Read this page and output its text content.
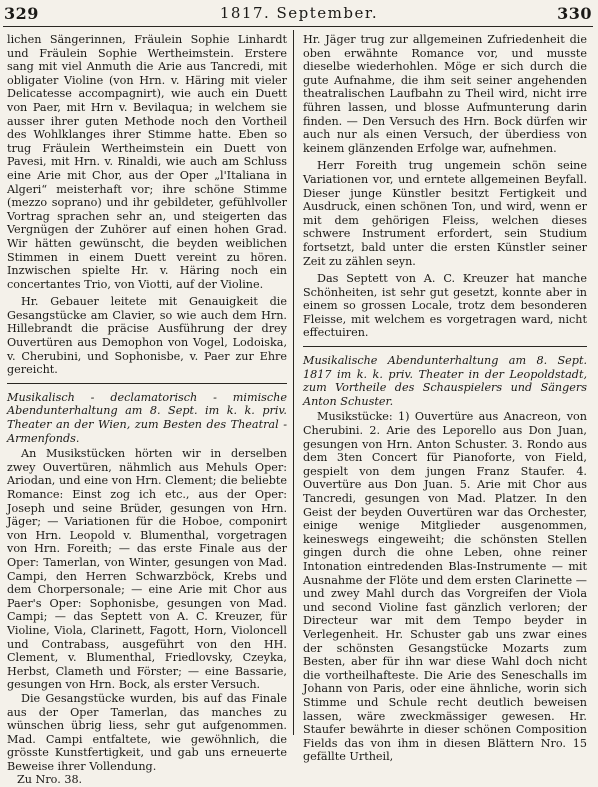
329	1817. September.	330

lichen Sängerinnen, Fräulein Sophie Linhardt und Fräulein Sophie Wertheimstein. Erstere sang mit viel Anmuth die Arie aus Tancredi, mit obligater Violine (von Hrn. v. Häring mit vieler Delicatesse accompagnirt), wie auch ein Duett von Paer, mit Hrn v. Bevilaqua; in welchem sie ausser ihrer guten Methode noch den Vortheil des Wohlklanges ihrer Stimme hatte. Eben so trug Fräulein Wertheimstein ein Duett von Pavesi, mit Hrn. v. Rinaldi, wie auch am Schluss eine Arie mit Chor, aus der Oper „l'Italiana in Algeri“ meisterhaft vor; ihre schöne Stimme (mezzo soprano) und ihr gebildeter, gefühlvoller Vortrag sprachen sehr an, und steigerten das Vergnügen der Zuhörer auf einen hohen Grad. Wir hätten gewünscht, die beyden weiblichen Stimmen in einem Duett vereint zu hören. Inzwischen spielte Hr. v. Häring noch ein concertantes Trio, von Viotti, auf der Violine.

Hr. Gebauer leitete mit Genauigkeit die Gesangstücke am Clavier, so wie auch dem Hrn. Hillebrandt die präcise Ausführung der drey Ouvertüren aus Demophon von Vogel, Lodoiska, v. Cherubini, und Sophonisbe, v. Paer zur Ehre gereicht.

Musikalisch - declamatorisch - mimische Abendunterhaltung am 8. Sept. im k. k. priv. Theater an der Wien, zum Besten des Theatral - Armenfonds.

An Musikstücken hörten wir in derselben zwey Ouvertüren, nähmlich aus Mehuls Oper: Ariodan, und eine von Hrn. Clement; die beliebte Romance: Einst zog ich etc., aus der Oper: Joseph und seine Brüder, gesungen von Hrn. Jäger; — Variationen für die Hoboe, componirt von Hrn. Leopold v. Blumenthal, vorgetragen von Hrn. Foreith; — das erste Finale aus der Oper: Tamerlan, von Winter, gesungen von Mad. Campi, den Herren Schwarzböck, Krebs und dem Chorpersonale; — eine Arie mit Chor aus Paer's Oper: Sophonisbe, gesungen von Mad. Campi; — das Septett von A. C. Kreuzer, für Violine, Viola, Clarinett, Fagott, Horn, Violoncell und Contrabass, ausgeführt von den HH. Clement, v. Blumenthal, Friedlovsky, Czeyka, Herbst, Clameth und Förster; — eine Bassarie, gesungen von Hrn. Bock, als erster Versuch.

Die Gesangstücke wurden, bis auf das Finale aus der Oper Tamerlan, das manches zu wünschen übrig liess, sehr gut aufgenommen. Mad. Campi entfaltete, wie gewöhnlich, die grösste Kunstfertigkeit, und gab uns erneuerte Beweise ihrer Vollendung.

Zu Nro. 38.

Hr. Jäger trug zur allgemeinen Zufriedenheit die oben erwähnte Romance vor, und musste dieselbe wiederhohlen. Möge er sich durch die gute Aufnahme, die ihm seit seiner angehenden theatralischen Laufbahn zu Theil wird, nicht irre führen lassen, und blosse Aufmunterung darin finden. — Den Versuch des Hrn. Bock dürfen wir auch nur als einen Versuch, der überdiess von keinem glänzenden Erfolge war, aufnehmen.

Herr Foreith trug ungemein schön seine Variationen vor, und erntete allgemeinen Beyfall. Dieser junge Künstler besitzt Fertigkeit und Ausdruck, einen schönen Ton, und wird, wenn er mit dem gehörigen Fleiss, welchen dieses schwere Instrument erfordert, sein Studium fortsetzt, bald unter die ersten Künstler seiner Zeit zu zählen seyn.

Das Septett von A. C. Kreuzer hat manche Schönheiten, ist sehr gut gesetzt, konnte aber in einem so grossen Locale, trotz dem besonderen Fleisse, mit welchem es vorgetragen ward, nicht effectuiren.

Musikalische Abendunterhaltung am 8. Sept. 1817 im k. k. priv. Theater in der Leopoldstadt, zum Vortheile des Schauspielers und Sängers Anton Schuster.

Musikstücke: 1) Ouvertüre aus Anacreon, von Cherubini. 2. Arie des Leporello aus Don Juan, gesungen von Hrn. Anton Schuster. 3. Rondo aus dem 3ten Concert für Pianoforte, von Field, gespielt von dem jungen Franz Staufer. 4. Ouvertüre aus Don Juan. 5. Arie mit Chor aus Tancredi, gesungen von Mad. Platzer. In den Geist der beyden Ouvertüren war das Orchester, einige wenige Mitglieder ausgenommen, keineswegs eingeweiht; die schönsten Stellen gingen durch die ohne Leben, ohne reiner Intonation eintredenden Blas-Instrumente — mit Ausnahme der Flöte und dem ersten Clarinette — und zwey Mahl durch das Vorgreifen der Viola und second Violine fast gänzlich verloren; der Directeur war mit dem Tempo beyder in Verlegenheit. Hr. Schuster gab uns zwar eines der schönsten Gesangstücke Mozarts zum Besten, aber für ihn war diese Wahl doch nicht die vortheilhafteste. Die Arie des Seneschalls im Johann von Paris, oder eine ähnliche, worin sich Stimme und Schule recht deutlich beweisen lassen, wäre zweckmässiger gewesen. Hr. Staufer bewährte in dieser schönen Composition Fields das von ihm in diesen Blättern Nro. 15 gefällte Urtheil,
